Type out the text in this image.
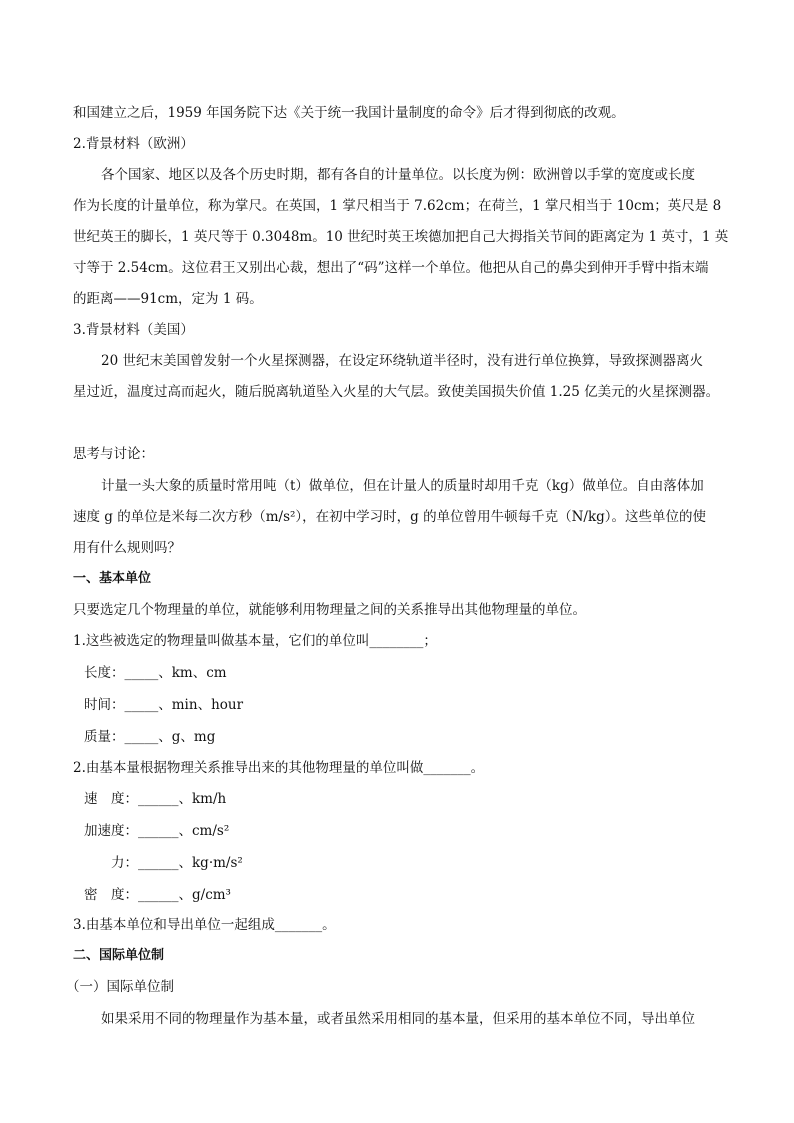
和国建立之后，1959 年国务院下达《关于统一我国计量制度的命令》后才得到彻底的改观。
2.背景材料（欧洲）
各个国家、地区以及各个历史时期，都有各自的计量单位。以长度为例：欧洲曾以手掌的宽度或长度
作为长度的计量单位，称为掌尺。在英国，1 掌尺相当于 7.62cm；在荷兰，1 掌尺相当于 10cm；英尺是 8
世纪英王的脚长，1 英尺等于 0.3048m。10 世纪时英王埃德加把自己大拇指关节间的距离定为 1 英寸，1 英
寸等于 2.54cm。这位君王又别出心裁，想出了“码”这样一个单位。他把从自己的鼻尖到伸开手臂中指末端
的距离——91cm，定为 1 码。
3.背景材料（美国）
20 世纪末美国曾发射一个火星探测器，在设定环绕轨道半径时，没有进行单位换算，导致探测器离火
星过近，温度过高而起火，随后脱离轨道坠入火星的大气层。致使美国损失价值 1.25 亿美元的火星探测器。
思考与讨论：
计量一头大象的质量时常用吨（t）做单位，但在计量人的质量时却用千克（kg）做单位。自由落体加
速度 g 的单位是米每二次方秒（m/s²），在初中学习时，g 的单位曾用牛顿每千克（N/kg）。这些单位的使
用有什么规则吗？
一、基本单位
只要选定几个物理量的单位，就能够利用物理量之间的关系推导出其他物理量的单位。
1.这些被选定的物理量叫做基本量，它们的单位叫________；
长度：_____、km、cm
时间：_____、min、hour
质量：_____、g、mg
2.由基本量根据物理关系推导出来的其他物理量的单位叫做_______。
速　度：______、km/h
加速度：______、cm/s²
　　力：______、kg·m/s²
密　度：______、g/cm³
3.由基本单位和导出单位一起组成_______。
二、国际单位制
（一）国际单位制
如果采用不同的物理量作为基本量，或者虽然采用相同的基本量，但采用的基本单位不同，导出单位
